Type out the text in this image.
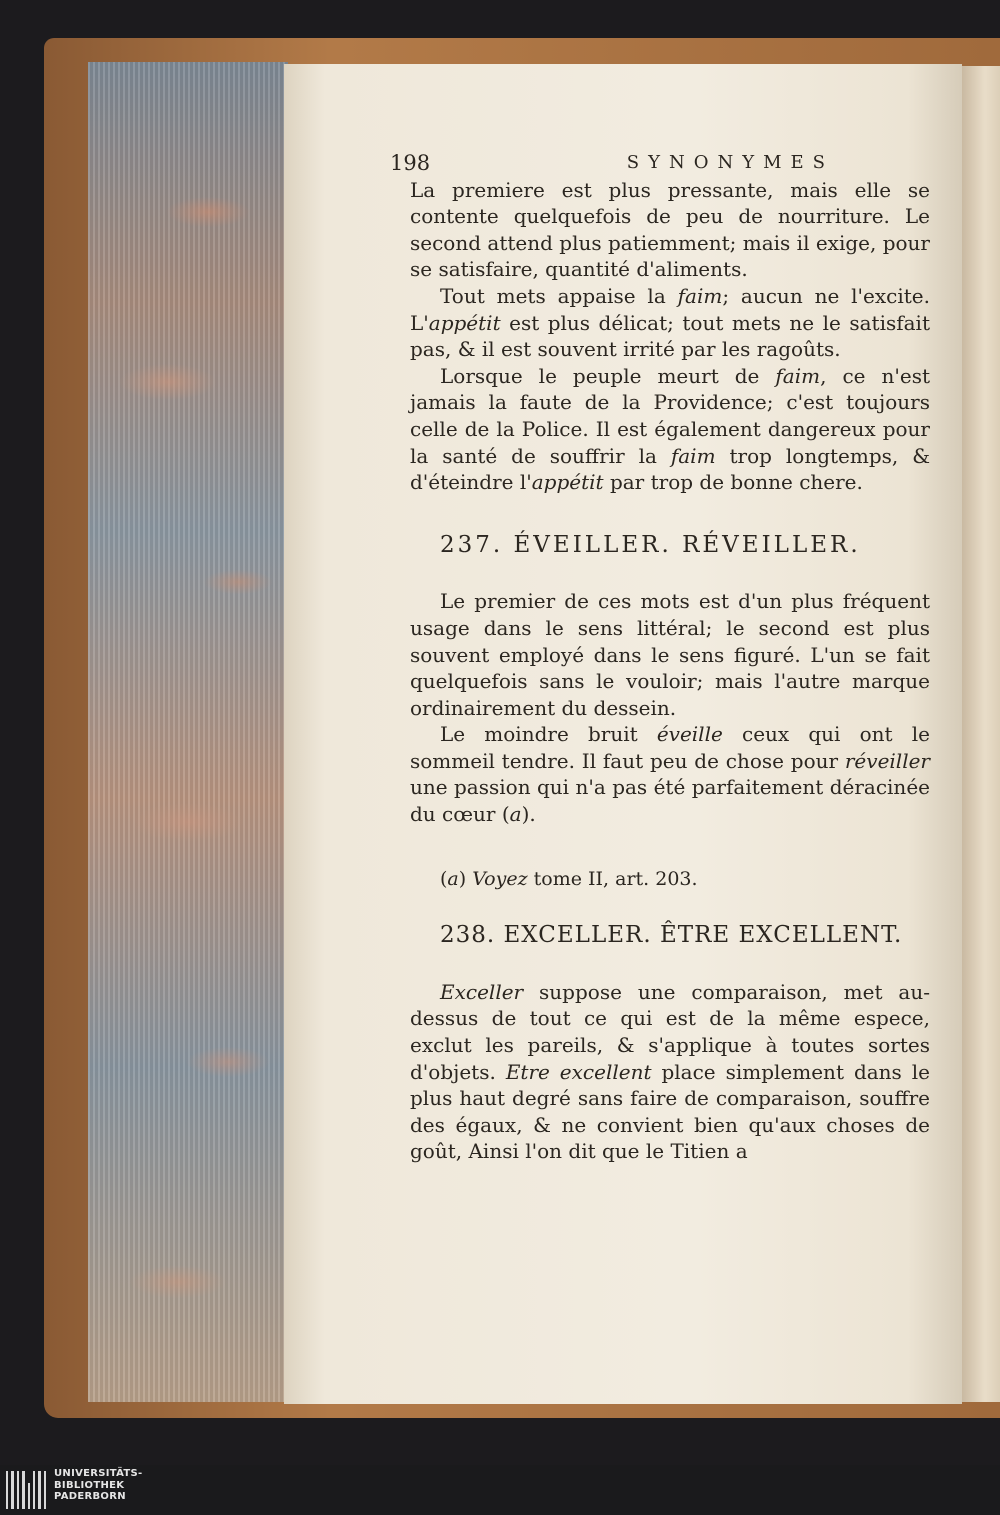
198	SYNONYMES

La premiere est plus pressante, mais elle se contente quelquefois de peu de nourriture. Le second attend plus patiemment; mais il exige, pour se satisfaire, quantité d'aliments.

Tout mets appaise la faim; aucun ne l'excite. L'appétit est plus délicat; tout mets ne le satisfait pas, & il est souvent irrité par les ragoûts.

Lorsque le peuple meurt de faim, ce n'est jamais la faute de la Providence; c'est toujours celle de la Police. Il est également dangereux pour la santé de souffrir la faim trop longtemps, & d'éteindre l'appétit par trop de bonne chere.

237. ÉVEILLER. RÉVEILLER.

Le premier de ces mots est d'un plus fréquent usage dans le sens littéral; le second est plus souvent employé dans le sens figuré. L'un se fait quelquefois sans le vouloir; mais l'autre marque ordinairement du dessein.

Le moindre bruit éveille ceux qui ont le sommeil tendre. Il faut peu de chose pour réveiller une passion qui n'a pas été parfaitement déracinée du cœur (a).

(a) Voyez tome II, art. 203.
238. EXCELLER. ÊTRE EXCELLENT.

Exceller suppose une comparaison, met au-dessus de tout ce qui est de la même espece, exclut les pareils, & s'applique à toutes sortes d'objets. Etre excellent place simplement dans le plus haut degré sans faire de comparaison, souffre des égaux, & ne convient bien qu'aux choses de goût, Ainsi l'on dit que le Titien a

UNIVERSITÄTS-
BIBLIOTHEK
PADERBORN
